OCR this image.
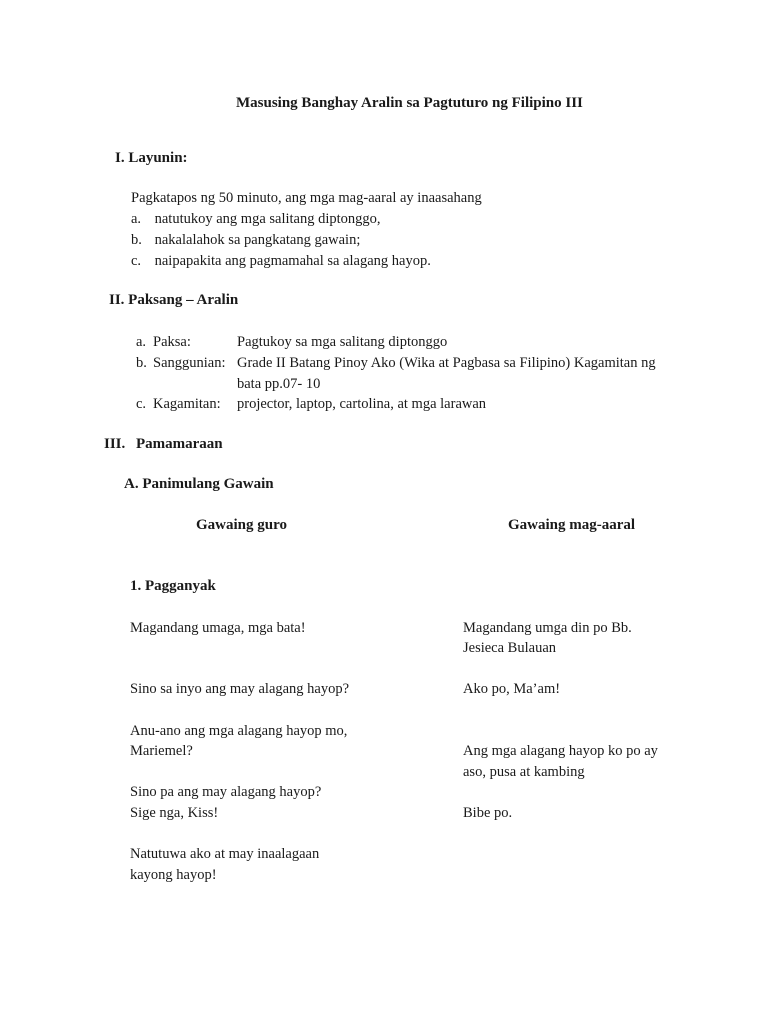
Masusing Banghay Aralin sa Pagtuturo ng Filipino III
I. Layunin:
Pagkatapos ng 50 minuto, ang mga mag-aaral ay inaasahang
a. natutukoy ang mga salitang diptonggo,
b. nakalalahok sa pangkatang gawain;
c. naipapakita ang pagmamahal sa alagang hayop.
II. Paksang – Aralin
a. Paksa:	Pagtukoy sa mga salitang diptonggo
b. Sanggunian: Grade II Batang Pinoy Ako (Wika at Pagbasa sa Filipino) Kagamitan ng
bata pp.07- 10
c. Kagamitan: projector, laptop, cartolina, at mga larawan
III. Pamamaraan
A. Panimulang Gawain
Gawaing guro	Gawaing mag-aaral
1. Pagganyak
Magandang umaga, mga bata!
Sino sa inyo ang may alagang hayop?
Anu-ano ang mga alagang hayop mo,
Mariemel?
Sino pa ang may alagang hayop?
Sige nga, Kiss!
Natutuwa ako at may inaalagaan
kayong hayop!
Magandang umga din po Bb.
Jesieca Bulauan
Ako po, Ma’am!
Ang mga alagang hayop ko po ay
aso, pusa at kambing
Bibe po.
